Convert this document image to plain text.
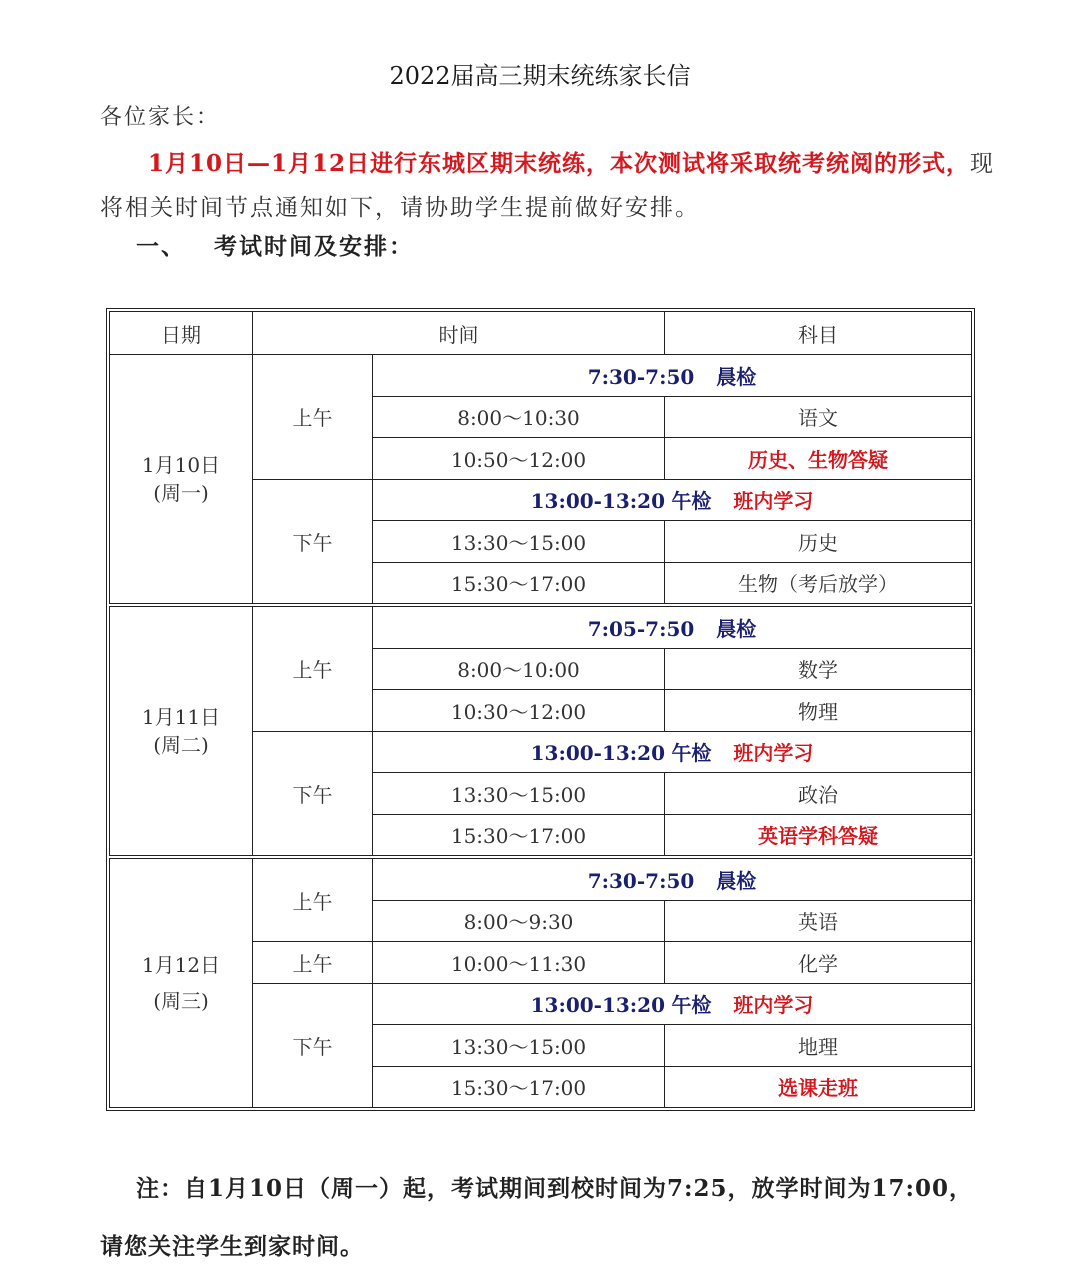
2022届高三期末统练家长信
各位家长：
1月10日—1月12日进行东城区期末统练，本次测试将采取统考统阅的形式，现将相关时间节点通知如下，请协助学生提前做好安排。
一、 考试时间及安排：
日期	时间		科目

1月10日
(周一)	上午	7:30-7:50 晨检	
		8:00～10:30	语文
		10:50～12:00	历史、生物答疑
	下午	13:00-13:20 午检 班内学习	
		13:30～15:00	历史
		15:30～17:00	生物（考后放学）

1月11日
(周二)	上午	7:05-7:50 晨检	
		8:00～10:00	数学
		10:30～12:00	物理
	下午	13:00-13:20 午检 班内学习	
		13:30～15:00	政治
		15:30～17:00	英语学科答疑

1月12日
(周三)	上午	7:30-7:50 晨检	
		8:00～9:30	英语
	上午	10:00～11:30	化学
	下午	13:00-13:20 午检 班内学习	
		13:30～15:00	地理
		15:30～17:00	选课走班
注：自1月10日（周一）起，考试期间到校时间为7:25，放学时间为17:00，
请您关注学生到家时间。
